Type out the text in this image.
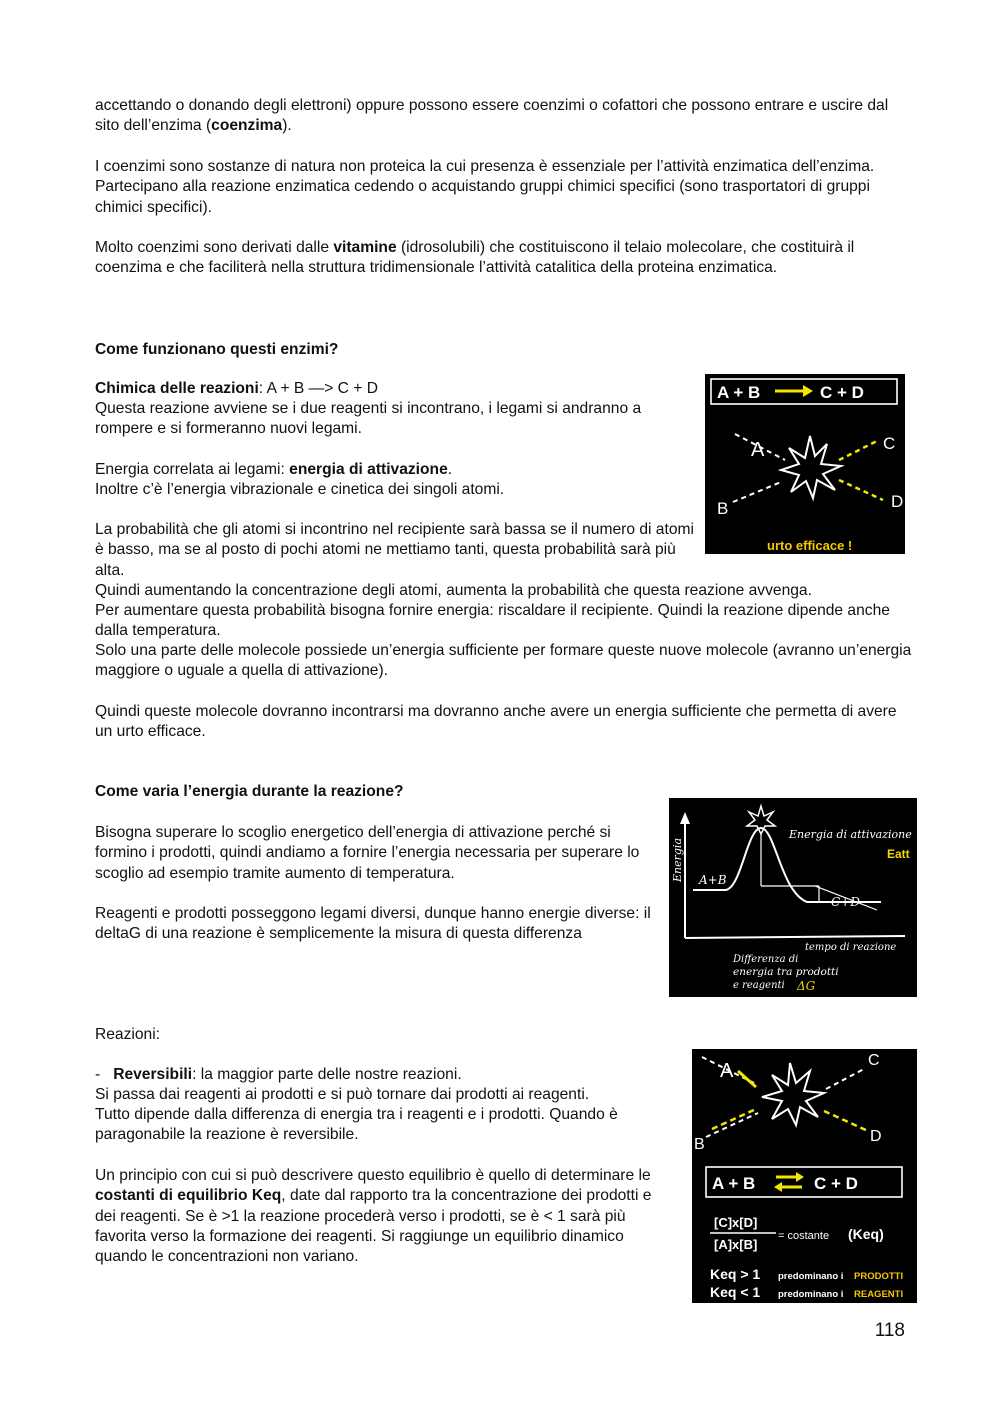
accettando o donando degli elettroni) oppure possono essere coenzimi o cofattori che possono entrare e uscire dal sito dell’enzima (coenzima).

I coenzimi sono sostanze di natura non proteica la cui presenza è essenziale per l’attività enzimatica dell’enzima. Partecipano alla reazione enzimatica cedendo o acquistando gruppi chimici specifici (sono trasportatori di gruppi chimici specifici).

Molto coenzimi sono derivati dalle vitamine (idrosolubili) che costituiscono il telaio molecolare, che costituirà il coenzima e che faciliterà nella struttura tridimensionale l’attività catalitica della proteina enzimatica.

Come funzionano questi enzimi?

Chimica delle reazioni: A + B —> C + D

Questa reazione avviene se i due reagenti si incontrano, i legami si andranno a rompere e si formeranno nuovi legami.

Energia correlata ai legami: energia di attivazione.

Inoltre c’è l’energia vibrazionale e cinetica dei singoli atomi.

La probabilità che gli atomi si incontrino nel recipiente sarà bassa se il numero di atomi è basso, ma se al posto di pochi atomi ne mettiamo tanti, questa probabilità sarà più alta.

Quindi aumentando la concentrazione degli atomi, aumenta la probabilità che questa reazione avvenga.

Per aumentare questa probabilità bisogna fornire energia: riscaldare il recipiente. Quindi la reazione dipende anche dalla temperatura.

Solo una parte delle molecole possiede un’energia sufficiente per formare queste nuove molecole (avranno un’energia maggiore o uguale a quella di attivazione).

Quindi queste molecole dovranno incontrarsi ma dovranno anche avere un energia sufficiente che permetta di avere un urto efficace.

A + B	C + D
A
B
C
D
urto efficace !

Come varia l’energia durante la reazione?

Bisogna superare lo scoglio energetico dell’energia di attivazione perché si formino i prodotti, quindi andiamo a fornire l’energia necessaria per superare lo scoglio ad esempio tramite aumento di temperatura.

Reagenti e prodotti posseggono legami diversi, dunque hanno energie diverse: il deltaG di una reazione è semplicemente la misura di questa differenza

Energia
Energia di attivazione
Eatt
A+B
C+D
tempo di reazione
Differenza di
energia tra prodotti
e reagenti ΔG

Reazioni:

- Reversibili: la maggior parte delle nostre reazioni.

Si passa dai reagenti ai prodotti e si può tornare dai prodotti ai reagenti.

Tutto dipende dalla differenza di energia tra i reagenti e i prodotti. Quando è paragonabile la reazione è reversibile.

Un principio con cui si può descrivere questo equilibrio è quello di determinare le costanti di equilibrio Keq, date dal rapporto tra la concentrazione dei prodotti e dei reagenti. Se è >1 la reazione procederà verso i prodotti, se è < 1 sarà più favorita verso la formazione dei reagenti. Si raggiunge un equilibrio dinamico quando le concentrazioni non variano.

A	C
B	D
A + B	C + D
[C]x[D]
[A]x[B]
= costante (Keq)
Keq > 1 predominano i PRODOTTI
Keq < 1 predominano i REAGENTI
118
